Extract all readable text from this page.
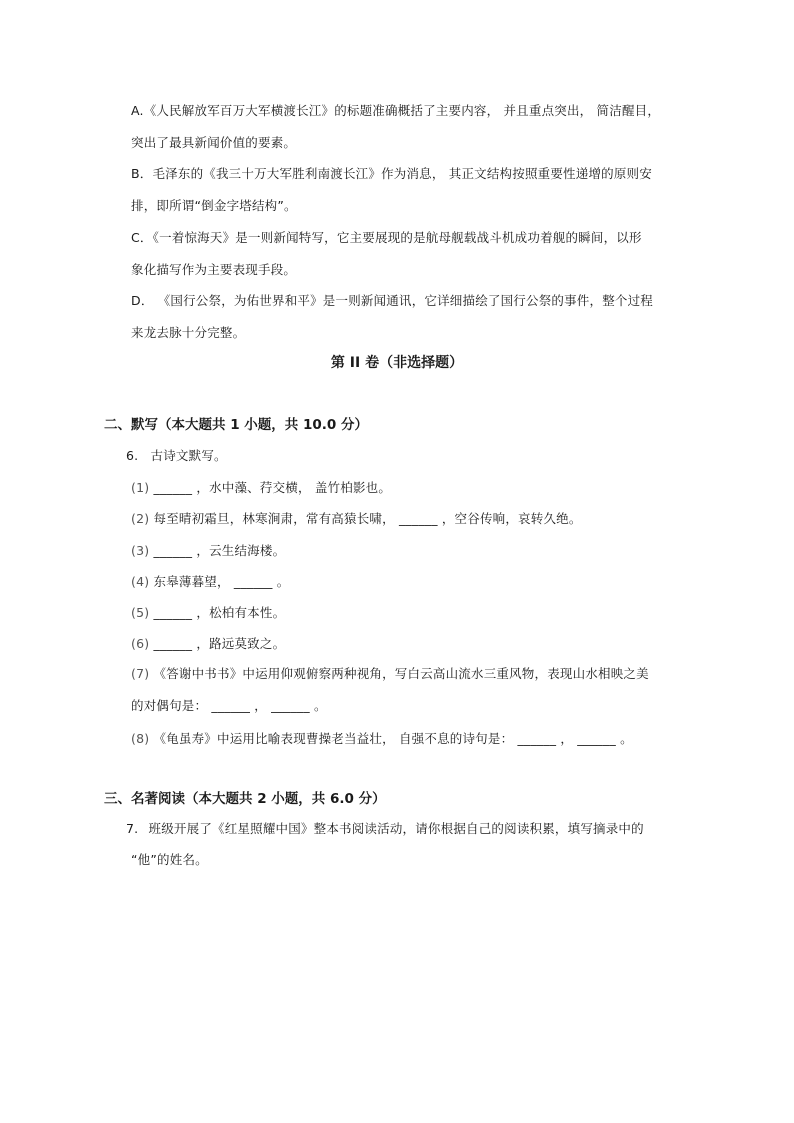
A.《人民解放军百万大军横渡长江》的标题准确概括了主要内容， 并且重点突出， 简洁醒目，
突出了最具新闻价值的要素。
B．毛泽东的《我三十万大军胜利南渡长江》作为消息， 其正文结构按照重要性递增的原则安
排，即所谓“倒金字塔结构”。
C．《一着惊海天》是一则新闻特写，它主要展现的是航母舰载战斗机成功着舰的瞬间，以形
象化描写作为主要表现手段。
D． 《国行公祭，为佑世界和平》是一则新闻通讯，它详细描绘了国行公祭的事件，整个过程
来龙去脉十分完整。
第 II 卷（非选择题）
二、默写（本大题共 1 小题，共 10.0 分）
6. 古诗文默写。
(1) ______ ，水中藻、荇交横， 盖竹柏影也。
(2) 每至晴初霜旦，林寒涧肃，常有高猿长啸， ______ ，空谷传响，哀转久绝。
(3) ______ ，云生结海楼。
(4) 东皋薄暮望， ______ 。
(5) ______ ，松柏有本性。
(6) ______ ，路远莫致之。
(7) 《答谢中书书》中运用仰观俯察两种视角，写白云高山流水三重风物，表现山水相映之美
的对偶句是： ______ ， ______ 。
(8) 《龟虽寿》中运用比喻表现曹操老当益壮， 自强不息的诗句是： ______ ， ______ 。
三、名著阅读（本大题共 2 小题，共 6.0 分）
7. 班级开展了《红星照耀中国》整本书阅读活动，请你根据自己的阅读积累，填写摘录中的
“他”的姓名。
